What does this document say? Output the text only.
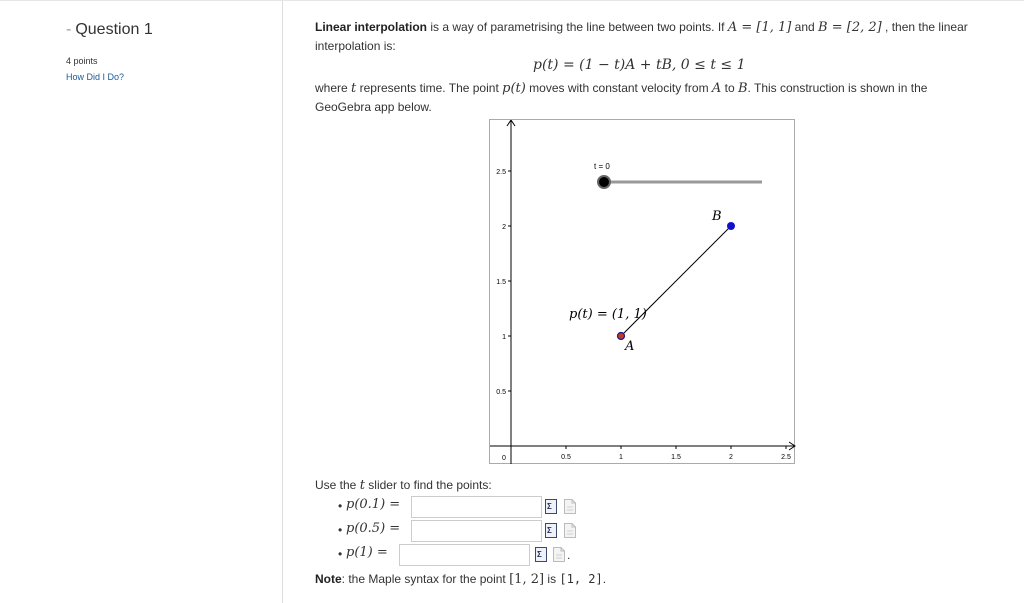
- Question 1
4 points
How Did I Do?
Linear interpolation is a way of parametrising the line between two points. If A = [1, 1] and B = [2, 2] , then the linear interpolation is:
p(t) = (1 − t)A + tB, 0 ≤ t ≤ 1
where t represents time. The point p(t) moves with constant velocity from A to B. This construction is shown in the GeoGebra app below.
0.5	1	1.5	2	2.5
0.5
1
1.5
2
2.5
0
B
A
p(t) = (1, 1)
t = 0
Use the t slider to find the points:
• p(0.1) =	Σ
• p(0.5) =	Σ
• p(1) =	Σ .
Note: the Maple syntax for the point [1, 2] is [1, 2].
